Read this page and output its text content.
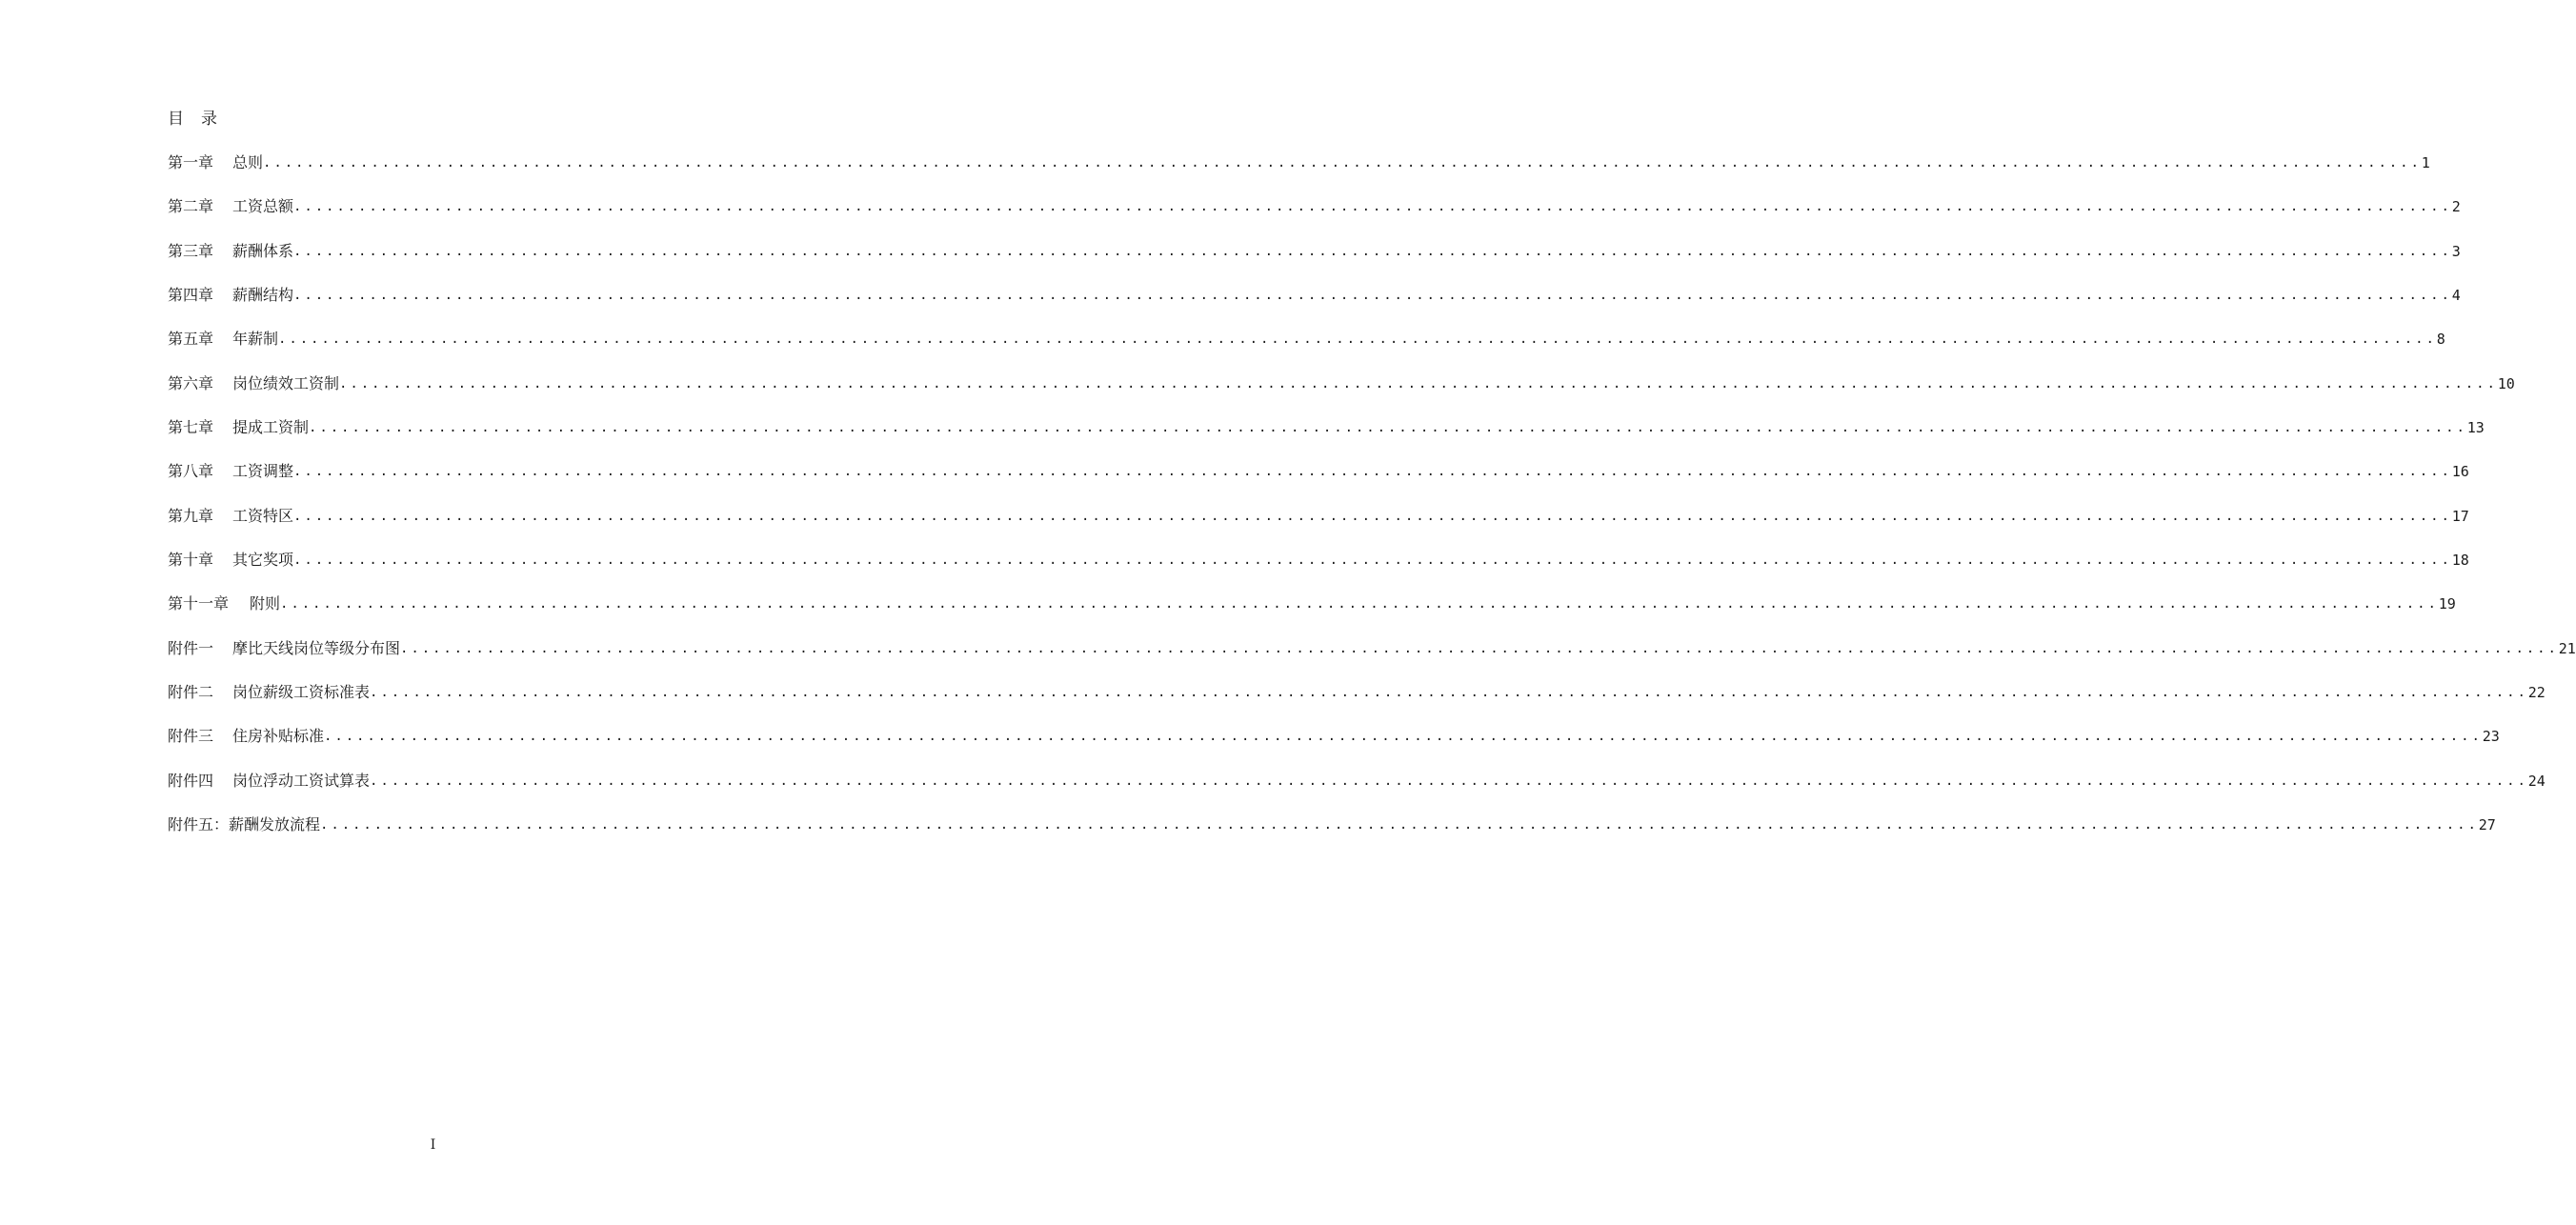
目 录
第一章 总则 ........................................................................................................................................................................................................ 1
第二章 工资总额 ........................................................................................................................................................................................................ 2
第三章 薪酬体系 ........................................................................................................................................................................................................ 3
第四章 薪酬结构 ........................................................................................................................................................................................................ 4
第五章 年薪制 ........................................................................................................................................................................................................ 8
第六章 岗位绩效工资制 ........................................................................................................................................................................................................ 10
第七章 提成工资制 ........................................................................................................................................................................................................ 13
第八章 工资调整 ........................................................................................................................................................................................................ 16
第九章 工资特区 ........................................................................................................................................................................................................ 17
第十章 其它奖项 ........................................................................................................................................................................................................ 18
第十一章 附则 ........................................................................................................................................................................................................ 19
附件一 摩比天线岗位等级分布图 ........................................................................................................................................................................................................ 21
附件二 岗位薪级工资标准表 ........................................................................................................................................................................................................ 22
附件三 住房补贴标准 ........................................................................................................................................................................................................ 23
附件四 岗位浮动工资试算表 ........................................................................................................................................................................................................ 24
附件五： 薪酬发放流程 ........................................................................................................................................................................................................ 27
I
